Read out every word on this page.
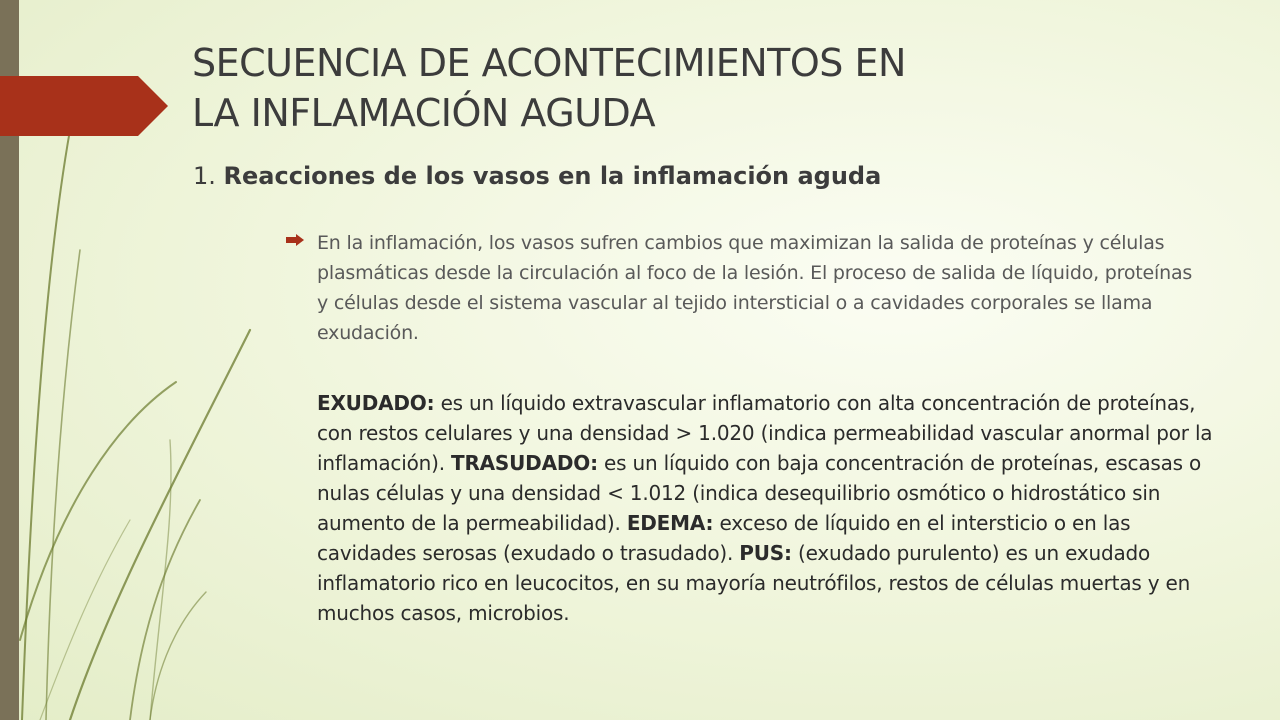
SECUENCIA DE ACONTECIMIENTOS EN
LA INFLAMACIÓN AGUDA
1. Reacciones de los vasos en la inflamación aguda
En la inflamación, los vasos sufren cambios que maximizan la salida de proteínas y células plasmáticas desde la circulación al foco de la lesión. El proceso de salida de líquido, proteínas y células desde el sistema vascular al tejido intersticial o a cavidades corporales se llama exudación.
EXUDADO: es un líquido extravascular inflamatorio con alta concentración de proteínas, con restos celulares y una densidad > 1.020 (indica permeabilidad vascular anormal por la inflamación). TRASUDADO: es un líquido con baja concentración de proteínas, escasas o nulas células y una densidad < 1.012 (indica desequilibrio osmótico o hidrostático sin aumento de la permeabilidad). EDEMA: exceso de líquido en el intersticio o en las cavidades serosas (exudado o trasudado). PUS: (exudado purulento) es un exudado inflamatorio rico en leucocitos, en su mayoría neutrófilos, restos de células muertas y en muchos casos, microbios.
